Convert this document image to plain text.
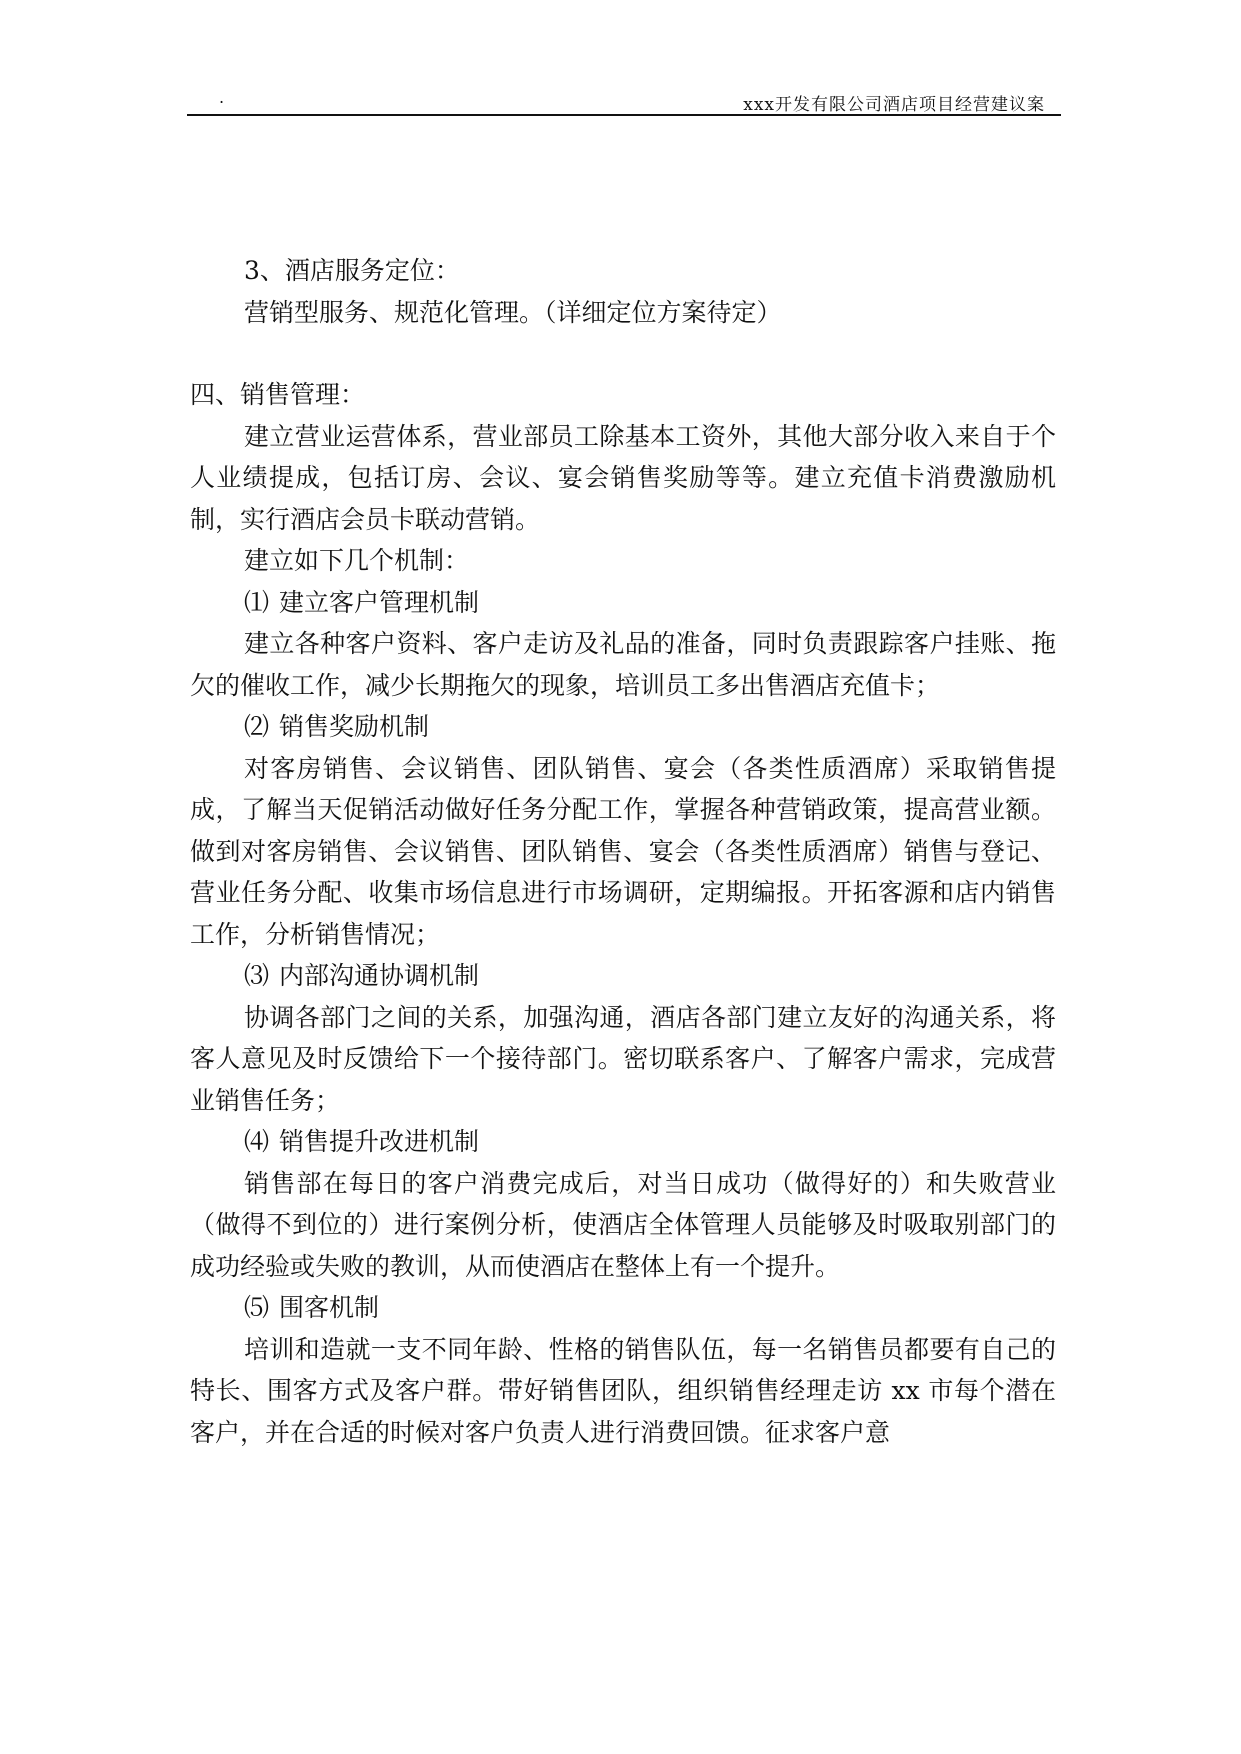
.	xxx开发有限公司酒店项目经营建议案

3、酒店服务定位：

营销型服务、规范化管理。（详细定位方案待定）

四、销售管理：

建立营业运营体系，营业部员工除基本工资外，其他大部分收入来自于个人业绩提成，包括订房、会议、宴会销售奖励等等。建立充值卡消费激励机制，实行酒店会员卡联动营销。

建立如下几个机制：

⑴ 建立客户管理机制

建立各种客户资料、客户走访及礼品的准备，同时负责跟踪客户挂账、拖欠的催收工作，减少长期拖欠的现象，培训员工多出售酒店充值卡；

⑵ 销售奖励机制

对客房销售、会议销售、团队销售、宴会（各类性质酒席）采取销售提成，了解当天促销活动做好任务分配工作，掌握各种营销政策，提高营业额。做到对客房销售、会议销售、团队销售、宴会（各类性质酒席）销售与登记、营业任务分配、收集市场信息进行市场调研，定期编报。开拓客源和店内销售工作，分析销售情况；

⑶ 内部沟通协调机制

协调各部门之间的关系，加强沟通，酒店各部门建立友好的沟通关系，将客人意见及时反馈给下一个接待部门。密切联系客户、了解客户需求，完成营业销售任务；

⑷ 销售提升改进机制

销售部在每日的客户消费完成后，对当日成功（做得好的）和失败营业（做得不到位的）进行案例分析，使酒店全体管理人员能够及时吸取别部门的成功经验或失败的教训，从而使酒店在整体上有一个提升。

⑸ 围客机制

培训和造就一支不同年龄、性格的销售队伍，每一名销售员都要有自己的特长、围客方式及客户群。带好销售团队，组织销售经理走访 xx 市每个潜在客户，并在合适的时候对客户负责人进行消费回馈。征求客户意
